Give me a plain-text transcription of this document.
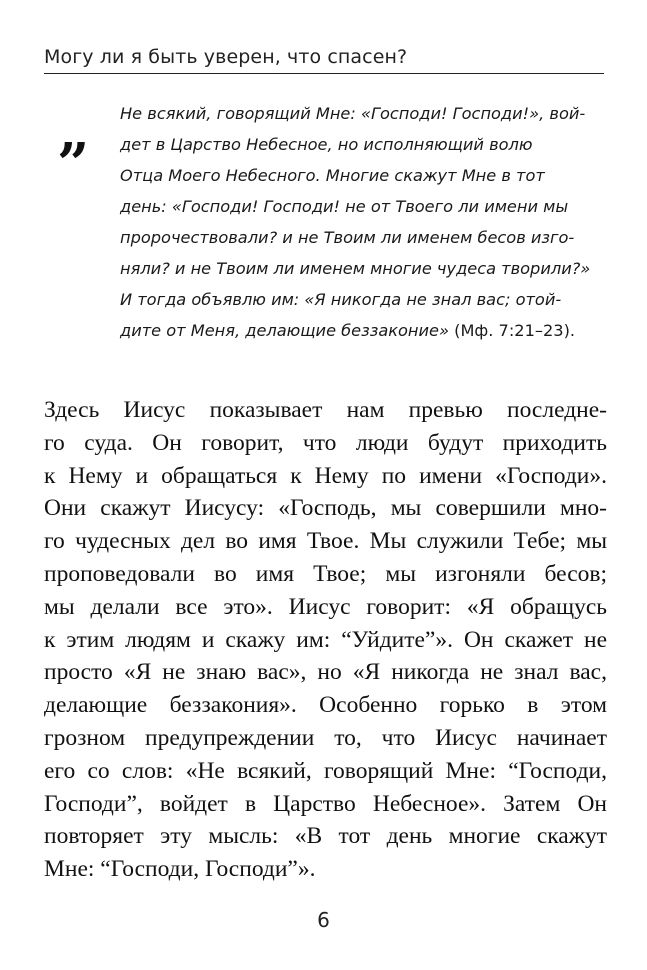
Могу ли я быть уверен, что спасен?
„ Не всякий, говорящий Мне: «Господи! Господи!», вой-
дет в Царство Небесное, но исполняющий волю
Отца Моего Небесного. Многие скажут Мне в тот
день: «Господи! Господи! не от Твоего ли имени мы
пророчествовали? и не Твоим ли именем бесов изго-
няли? и не Твоим ли именем многие чудеса творили?»
И тогда объявлю им: «Я никогда не знал вас; отой-
дите от Меня, делающие беззаконие» (Мф. 7:21–23).

Здесь Иисус показывает нам превью последне-
го суда. Он говорит, что люди будут приходить
к Нему и обращаться к Нему по имени «Господи».
Они скажут Иисусу: «Господь, мы совершили мно-
го чудесных дел во имя Твое. Мы служили Тебе; мы
проповедовали во имя Твое; мы изгоняли бесов;
мы делали все это». Иисус говорит: «Я обращусь
к этим людям и скажу им: “Уйдите”». Он скажет не
просто «Я не знаю вас», но «Я никогда не знал вас,
делающие беззакония». Особенно горько в этом
грозном предупреждении то, что Иисус начинает
его со слов: «Не всякий, говорящий Мне: “Господи,
Господи”, войдет в Царство Небесное». Затем Он
повторяет эту мысль: «В тот день многие скажут
Мне: “Господи, Господи”».

6
